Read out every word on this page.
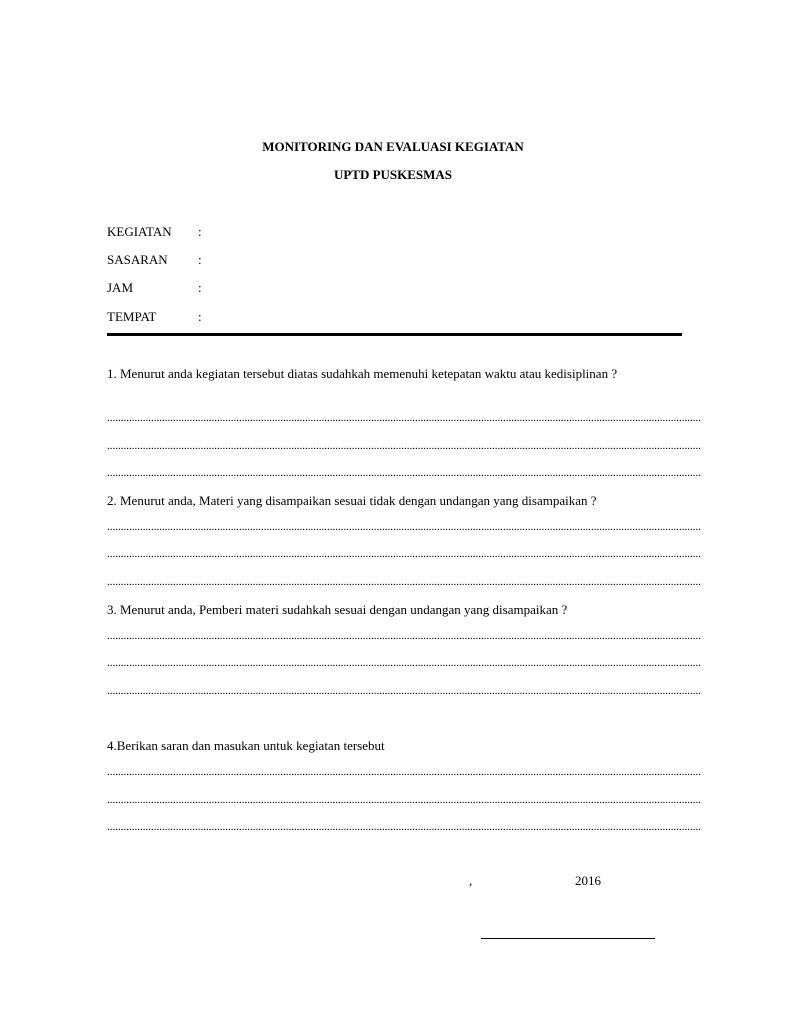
MONITORING DAN EVALUASI KEGIATAN
UPTD PUSKESMAS
KEGIATAN :
SASARAN :
JAM	:
TEMPAT	:
1. Menurut anda kegiatan tersebut diatas sudahkah memenuhi ketepatan waktu atau kedisiplinan ?
........................................................................................................................................................................................................................
........................................................................................................................................................................................................................
........................................................................................................................................................................................................................
2. Menurut anda, Materi yang disampaikan sesuai tidak dengan undangan yang disampaikan ?
........................................................................................................................................................................................................................
........................................................................................................................................................................................................................
........................................................................................................................................................................................................................
3. Menurut anda, Pemberi materi sudahkah sesuai dengan undangan yang disampaikan ?
........................................................................................................................................................................................................................
........................................................................................................................................................................................................................
........................................................................................................................................................................................................................
4.Berikan saran dan masukan untuk kegiatan tersebut
........................................................................................................................................................................................................................
........................................................................................................................................................................................................................
........................................................................................................................................................................................................................
,	2016
